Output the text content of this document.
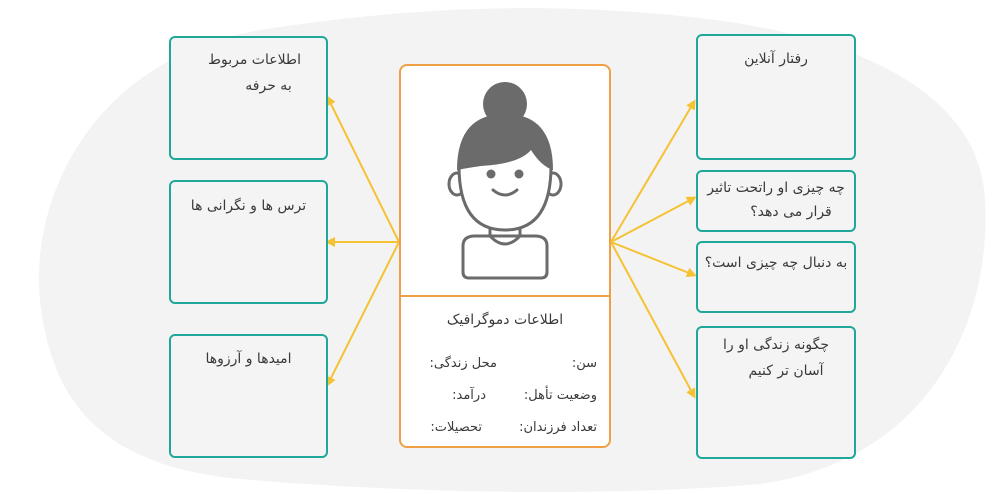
اطلاعات مربوط
به حرفه
ترس ها و نگرانی ها
امیدها و آرزوها
رفتار آنلاین
چه چیزی او راتحت تاثیر
قرار می دهد؟
به دنبال چه چیزی است؟
چگونه زندگی او را
آسان تر کنیم
اطلاعات دموگرافیک
سن:
محل زندگی:
وضعیت تأهل:
درآمد:
تعداد فرزندان:
تحصیلات:
